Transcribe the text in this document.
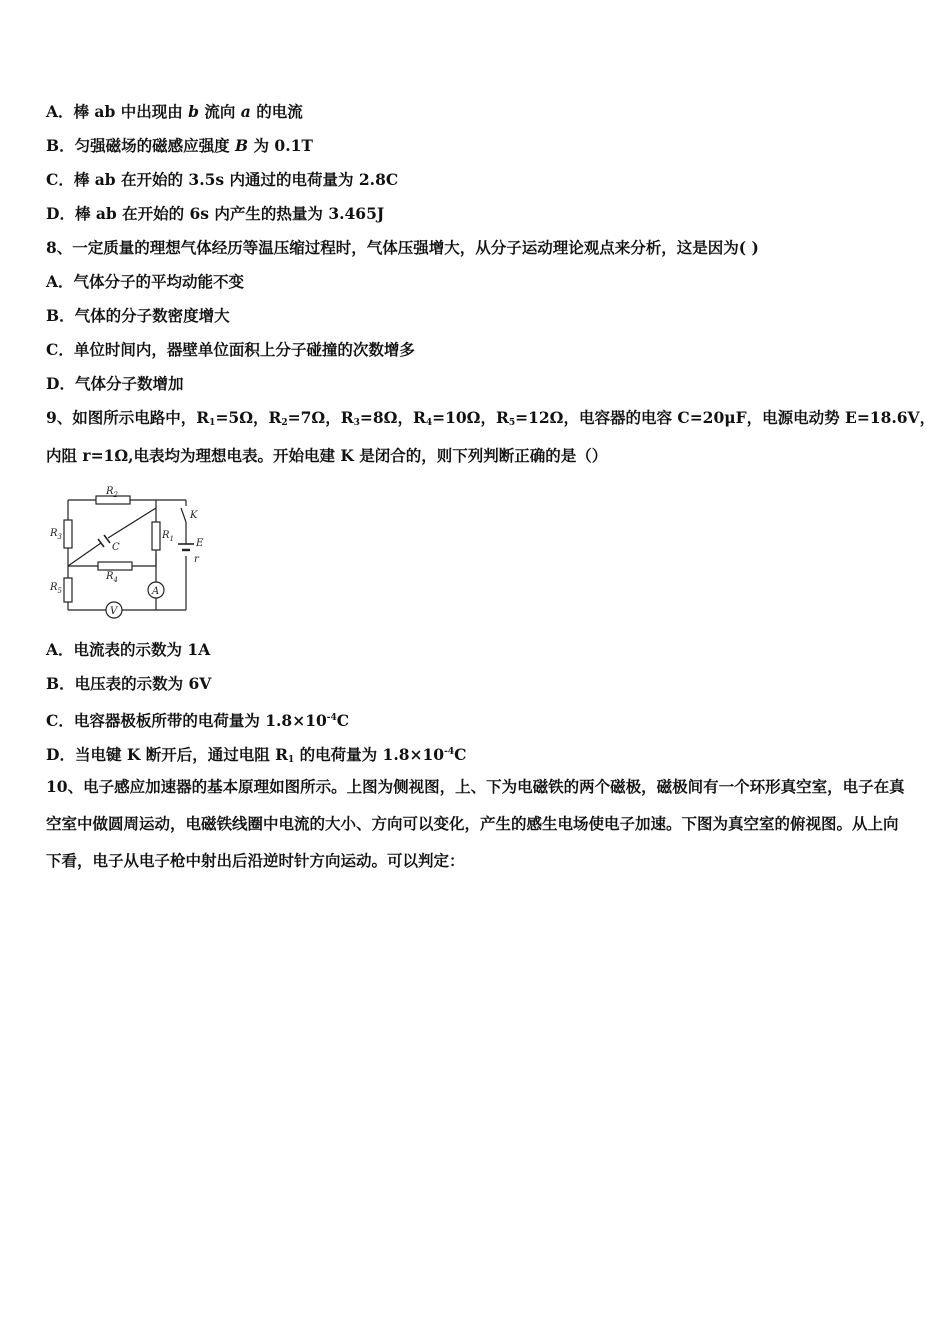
A．棒 ab 中出现由 b 流向 a 的电流
B．匀强磁场的磁感应强度 B 为 0.1T
C．棒 ab 在开始的 3.5s 内通过的电荷量为 2.8C
D．棒 ab 在开始的 6s 内产生的热量为 3.465J
8、一定质量的理想气体经历等温压缩过程时，气体压强增大，从分子运动理论观点来分析，这是因为( )
A．气体分子的平均动能不变
B．气体的分子数密度增大
C．单位时间内，器壁单位面积上分子碰撞的次数增多
D．气体分子数增加
9、如图所示电路中，$R_1=5\Omega$，$R_2=7\Omega$，$R_3=8\Omega$，$R_4=10\Omega$，$R_5=12\Omega$，电容器的电容 C=20μF，电源电动势 E=18.6V，
内阻 r=1Ω,电表均为理想电表。开始电建 K 是闭合的，则下列判断正确的是（）
$R_2$
$R_3$
$R_5$
$R_4$
$R_1$
C
K
E
r
A
V
A．电流表的示数为 1A
B．电压表的示数为 6V
C．电容器极板所带的电荷量为 $1.8\times 10^{-4}C$
D．当电键 K 断开后，通过电阻 $R_1$ 的电荷量为 $1.8\times 10^{-4}C$
10、电子感应加速器的基本原理如图所示。上图为侧视图，上、下为电磁铁的两个磁极，磁极间有一个环形真空室，电子在真空室中做圆周运动，电磁铁线圈中电流的大小、方向可以变化，产生的感生电场使电子加速。下图为真空室的俯视图。从上向下看，电子从电子枪中射出后沿逆时针方向运动。可以判定：
